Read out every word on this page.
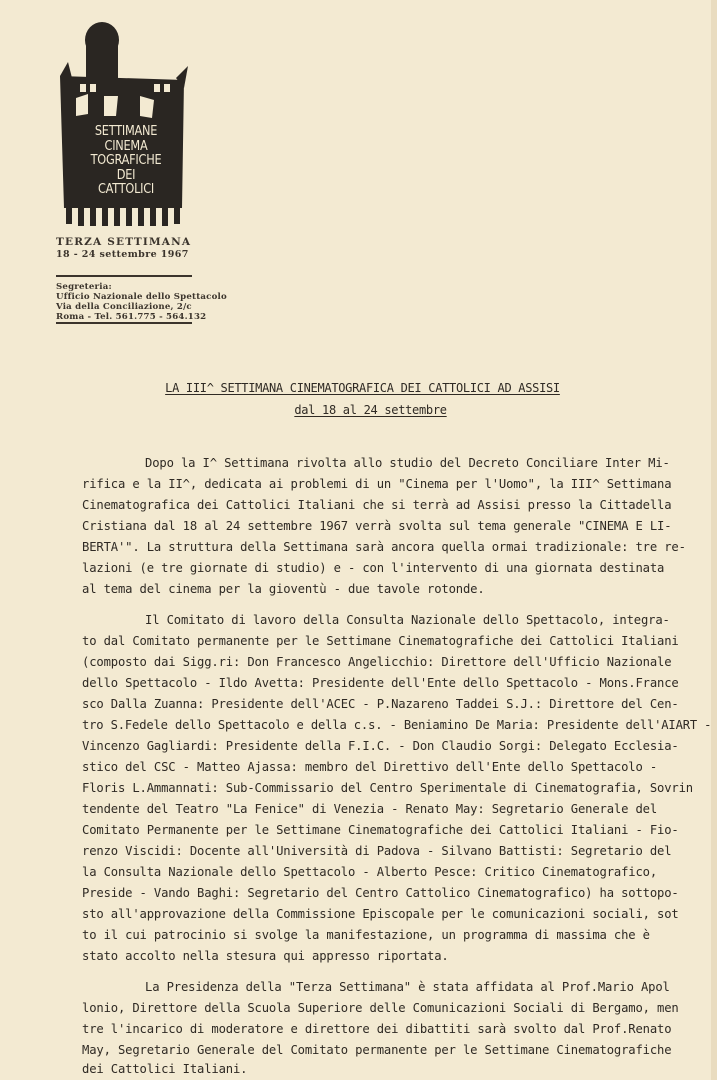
SETTIMANE
CINEMA
TOGRAFICHE
DEI CATTOLICI
TERZA SETTIMANA
18 - 24 settembre 1967
Segreteria:
Ufficio Nazionale dello Spettacolo
Via della Conciliazione, 2/c
Roma - Tel. 561.775 - 564.132
LA III^ SETTIMANA CINEMATOGRAFICA DEI CATTOLICI AD ASSISI
dal 18 al 24 settembre
Dopo la I^ Settimana rivolta allo studio del Decreto Conciliare Inter Mi-
rifica e la II^, dedicata ai problemi di un "Cinema per l'Uomo", la III^ Settimana
Cinematografica dei Cattolici Italiani che si terrà ad Assisi presso la Cittadella
Cristiana dal 18 al 24 settembre 1967 verrà svolta sul tema generale "CINEMA E LI-
BERTA'". La struttura della Settimana sarà ancora quella ormai tradizionale: tre re-
lazioni (e tre giornate di studio) e - con l'intervento di una giornata destinata
al tema del cinema per la gioventù - due tavole rotonde.
Il Comitato di lavoro della Consulta Nazionale dello Spettacolo, integra-
to dal Comitato permanente per le Settimane Cinematografiche dei Cattolici Italiani
(composto dai Sigg.ri: Don Francesco Angelicchio: Direttore dell'Ufficio Nazionale
dello Spettacolo - Ildo Avetta: Presidente dell'Ente dello Spettacolo - Mons.France
sco Dalla Zuanna: Presidente dell'ACEC - P.Nazareno Taddei S.J.: Direttore del Cen-
tro S.Fedele dello Spettacolo e della c.s. - Beniamino De Maria: Presidente dell'AIART -
Vincenzo Gagliardi: Presidente della F.I.C. - Don Claudio Sorgi: Delegato Ecclesia-
stico del CSC - Matteo Ajassa: membro del Direttivo dell'Ente dello Spettacolo -
Floris L.Ammannati: Sub-Commissario del Centro Sperimentale di Cinematografia, Sovrin
tendente del Teatro "La Fenice" di Venezia - Renato May: Segretario Generale del
Comitato Permanente per le Settimane Cinematografiche dei Cattolici Italiani - Fio-
renzo Viscidi: Docente all'Università di Padova - Silvano Battisti: Segretario del
la Consulta Nazionale dello Spettacolo - Alberto Pesce: Critico Cinematografico,
Preside - Vando Baghi: Segretario del Centro Cattolico Cinematografico) ha sottopo-
sto all'approvazione della Commissione Episcopale per le comunicazioni sociali, sot
to il cui patrocinio si svolge la manifestazione, un programma di massima che è
stato accolto nella stesura qui appresso riportata.
La Presidenza della "Terza Settimana" è stata affidata al Prof.Mario Apol
lonio, Direttore della Scuola Superiore delle Comunicazioni Sociali di Bergamo, men
tre l'incarico di moderatore e direttore dei dibattiti sarà svolto dal Prof.Renato
May, Segretario Generale del Comitato permanente per le Settimane Cinematografiche
dei Cattolici Italiani.
